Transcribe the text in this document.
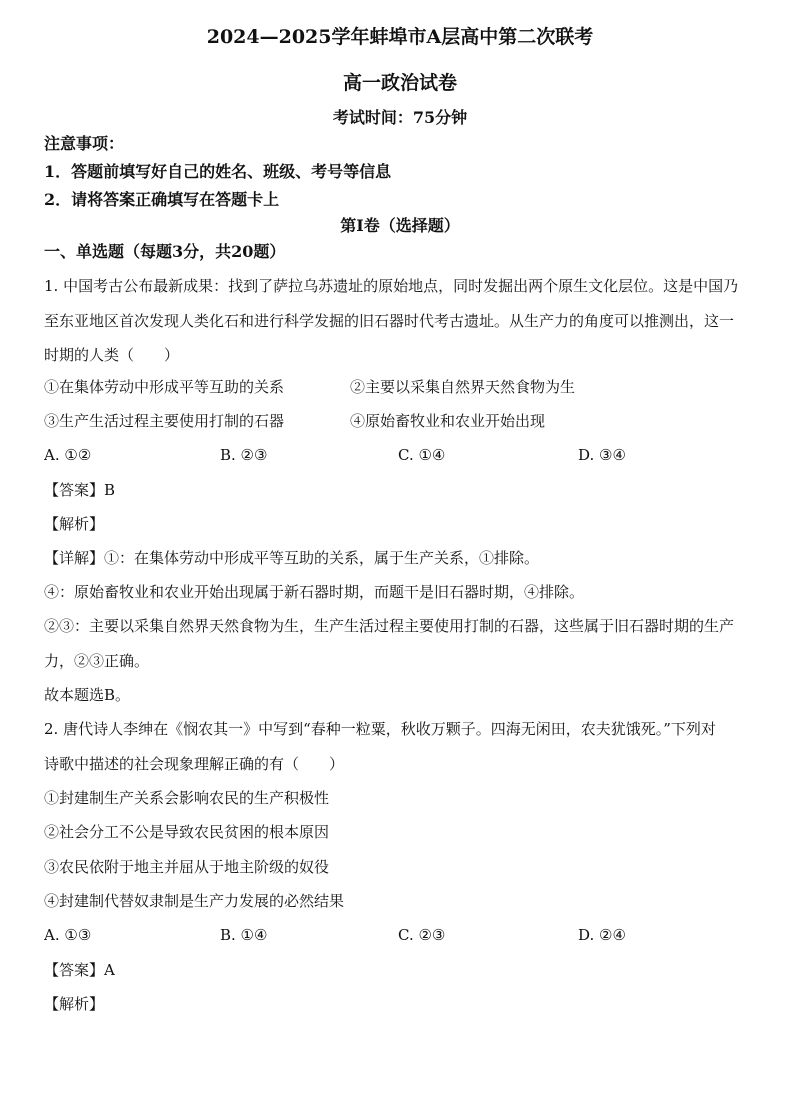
2024—2025学年蚌埠市A层高中第二次联考
高一政治试卷
考试时间：75分钟
注意事项：
1．答题前填写好自己的姓名、班级、考号等信息
2．请将答案正确填写在答题卡上
第Ⅰ卷（选择题）
一、单选题（每题3分，共20题）
1. 中国考古公布最新成果：找到了萨拉乌苏遗址的原始地点，同时发掘出两个原生文化层位。这是中国乃
至东亚地区首次发现人类化石和进行科学发掘的旧石器时代考古遗址。从生产力的角度可以推测出，这一
时期的人类（　　）
①在集体劳动中形成平等互助的关系	②主要以采集自然界天然食物为生
③生产生活过程主要使用打制的石器	④原始畜牧业和农业开始出现
A. ①②	B. ②③	C. ①④	D. ③④
【答案】B
【解析】
【详解】①：在集体劳动中形成平等互助的关系，属于生产关系，①排除。
④：原始畜牧业和农业开始出现属于新石器时期，而题干是旧石器时期，④排除。
②③：主要以采集自然界天然食物为生，生产生活过程主要使用打制的石器，这些属于旧石器时期的生产
力，②③正确。
故本题选B。
2. 唐代诗人李绅在《悯农其一》中写到“春种一粒粟，秋收万颗子。四海无闲田，农夫犹饿死。”下列对
诗歌中描述的社会现象理解正确的有（　　）
①封建制生产关系会影响农民的生产积极性
②社会分工不公是导致农民贫困的根本原因
③农民依附于地主并屈从于地主阶级的奴役
④封建制代替奴隶制是生产力发展的必然结果
A. ①③	B. ①④	C. ②③	D. ②④
【答案】A
【解析】
